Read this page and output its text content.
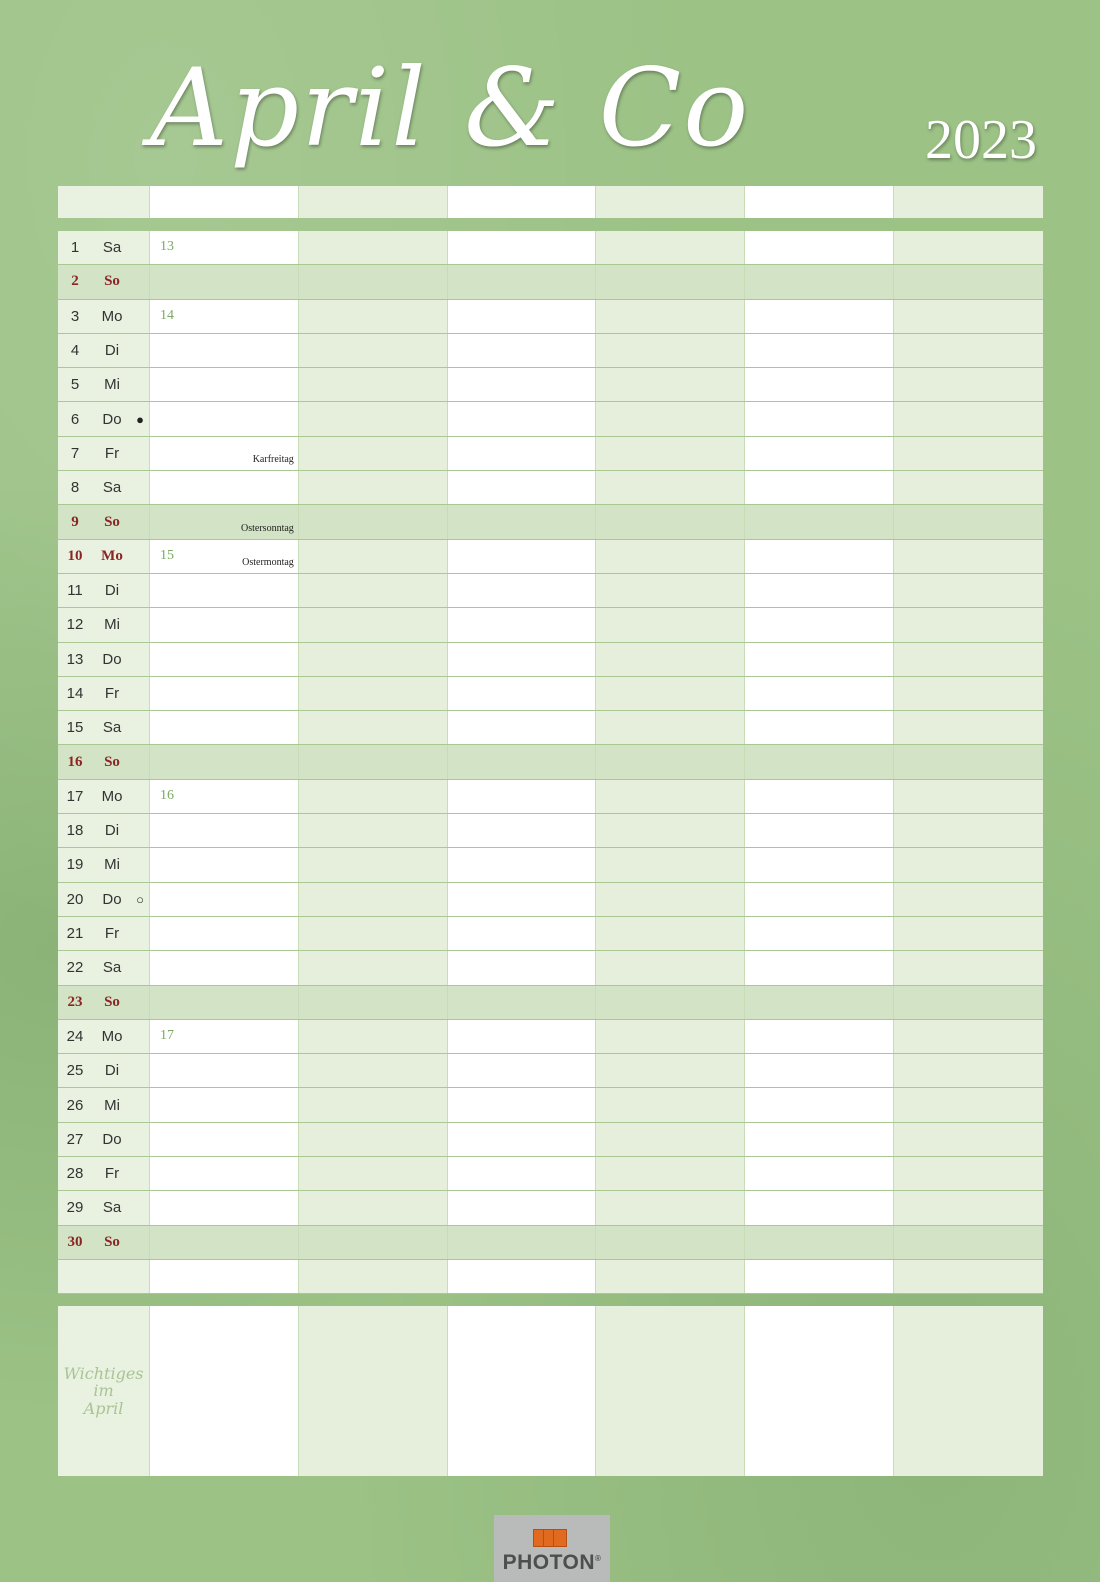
April & Co	2023
1	Sa	13
2	So
3	Mo	14
4	Di
5	Mi
6	Do	●
7	Fr	Karfreitag
8	Sa
9	So	Ostersonntag
10	Mo	15	Ostermontag
11	Di
12	Mi
13	Do
14	Fr
15	Sa
16	So
17	Mo	16
18	Di
19	Mi
20	Do	○
21	Fr
22	Sa
23	So
24	Mo	17
25	Di
26	Mi
27	Do
28	Fr
29	Sa
30	So
Wichtiges
im
April
PHOTON®
